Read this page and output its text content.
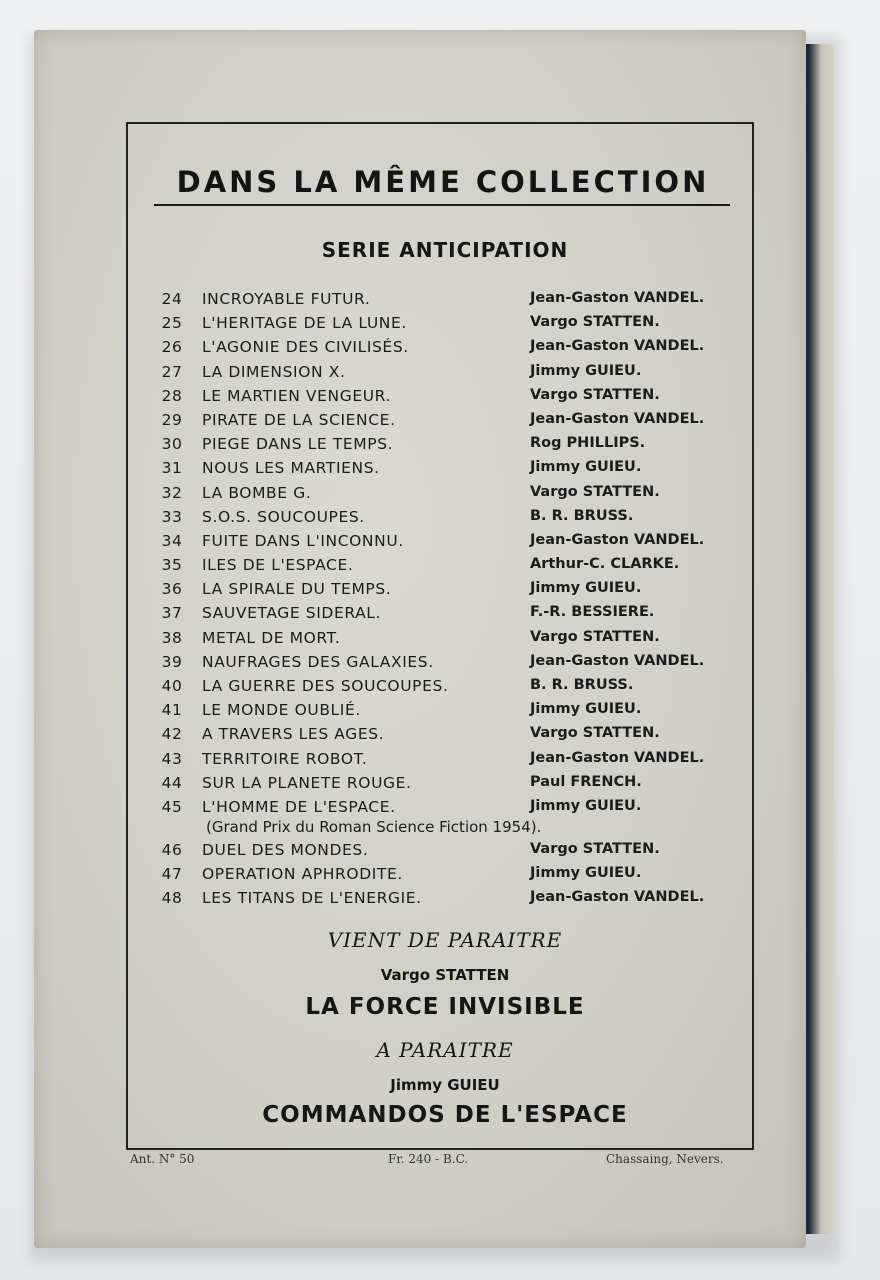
DANS LA MÊME COLLECTION
SERIE ANTICIPATION
24	INCROYABLE FUTUR.	Jean-Gaston VANDEL.
25	L'HERITAGE DE LA LUNE.	Vargo STATTEN.
26	L'AGONIE DES CIVILISÉS.	Jean-Gaston VANDEL.
27	LA DIMENSION X.	Jimmy GUIEU.
28	LE MARTIEN VENGEUR.	Vargo STATTEN.
29	PIRATE DE LA SCIENCE.	Jean-Gaston VANDEL.
30	PIEGE DANS LE TEMPS.	Rog PHILLIPS.
31	NOUS LES MARTIENS.	Jimmy GUIEU.
32	LA BOMBE G.	Vargo STATTEN.
33	S.O.S. SOUCOUPES.	B. R. BRUSS.
34	FUITE DANS L'INCONNU.	Jean-Gaston VANDEL.
35	ILES DE L'ESPACE.	Arthur-C. CLARKE.
36	LA SPIRALE DU TEMPS.	Jimmy GUIEU.
37	SAUVETAGE SIDERAL.	F.-R. BESSIERE.
38	METAL DE MORT.	Vargo STATTEN.
39	NAUFRAGES DES GALAXIES.	Jean-Gaston VANDEL.
40	LA GUERRE DES SOUCOUPES.	B. R. BRUSS.
41	LE MONDE OUBLIÉ.	Jimmy GUIEU.
42	A TRAVERS LES AGES.	Vargo STATTEN.
43	TERRITOIRE ROBOT.	Jean-Gaston VANDEL.
44	SUR LA PLANETE ROUGE.	Paul FRENCH.
45	L'HOMME DE L'ESPACE.	Jimmy GUIEU.
(Grand Prix du Roman Science Fiction 1954).
46	DUEL DES MONDES.	Vargo STATTEN.
47	OPERATION APHRODITE.	Jimmy GUIEU.
48	LES TITANS DE L'ENERGIE.	Jean-Gaston VANDEL.
VIENT DE PARAITRE
Vargo STATTEN
LA FORCE INVISIBLE
A PARAITRE
Jimmy GUIEU
COMMANDOS DE L'ESPACE
Ant. N° 50	Fr. 240 - B.C.	Chassaing, Nevers.
